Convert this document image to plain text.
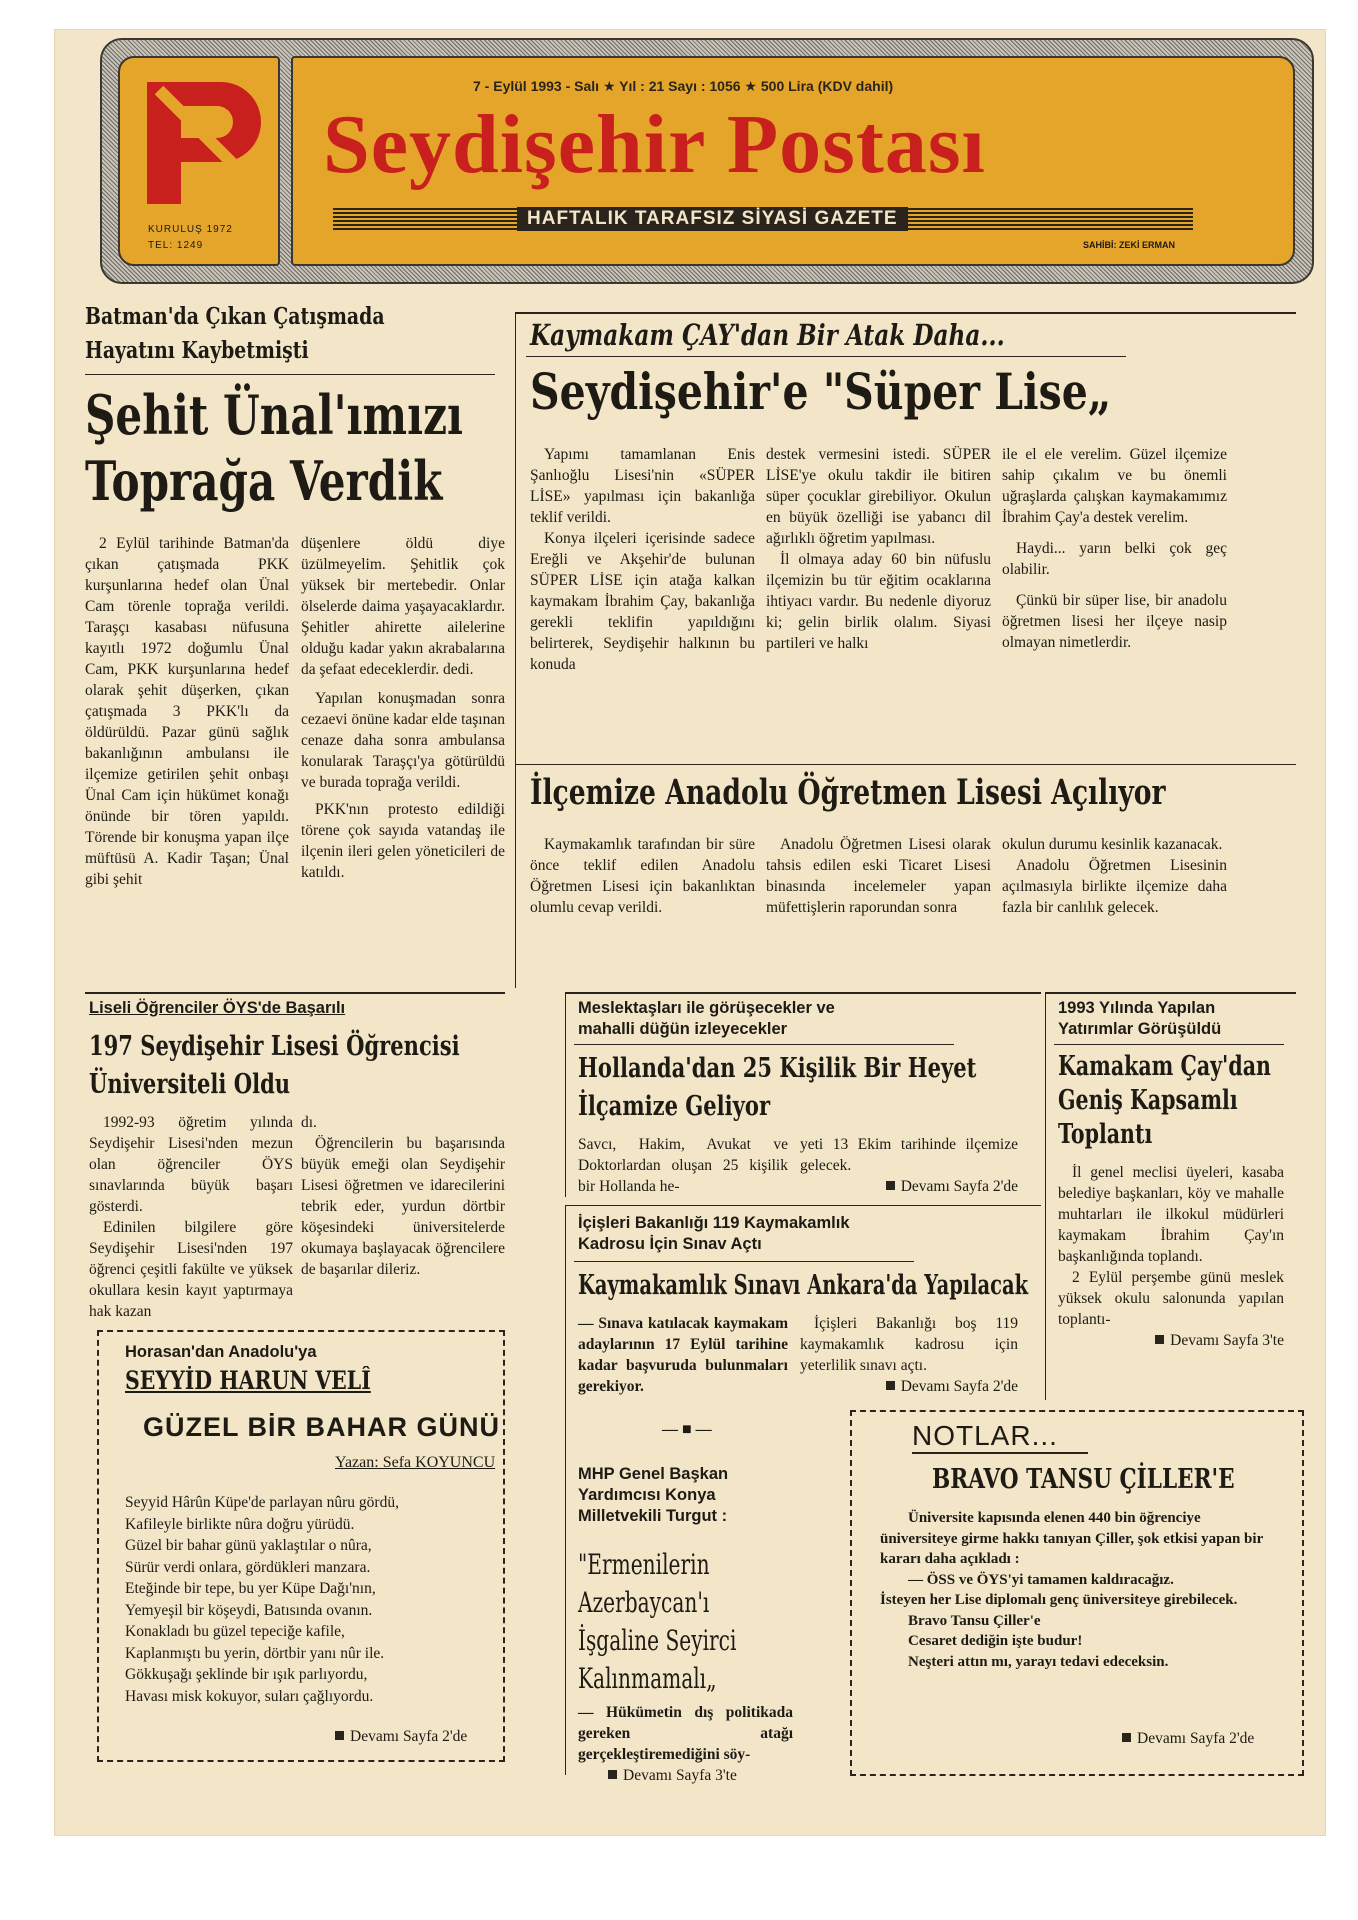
KURULUŞ 1972
TEL: 1249
7 - Eylül 1993 - Salı ★ Yıl : 21 Sayı : 1056 ★ 500 Lira (KDV dahil)
Seydişehir Postası
HAFTALIK TARAFSIZ SİYASİ GAZETE
SAHİBİ: ZEKİ ERMAN
Batman'da Çıkan Çatışmada
Hayatını Kaybetmişti
Şehit Ünal'ımızı
Toprağa Verdik
2 Eylül tarihinde Batman'da çıkan çatışmada PKK kurşunlarına hedef olan Ünal Cam törenle toprağa verildi. Taraşçı kasabası nüfusuna kayıtlı 1972 doğumlu Ünal Cam, PKK kurşunlarına hedef olarak şehit düşerken, çıkan çatışmada 3 PKK'lı da öldürüldü. Pazar günü sağlık bakanlığının ambulansı ile ilçemize getirilen şehit onbaşı Ünal Cam için hükümet konağı önünde bir tören yapıldı. Törende bir konuşma yapan ilçe müftüsü A. Kadir Taşan; Ünal gibi şehit
düşenlere öldü diye üzülmeyelim. Şehitlik çok yüksek bir mertebedir. Onlar ölselerde daima yaşayacaklardır. Şehitler ahirette ailelerine olduğu kadar yakın akrabalarına da şefaat edeceklerdir. dedi.
Yapılan konuşmadan sonra cezaevi önüne kadar elde taşınan cenaze daha sonra ambulansa konularak Taraşçı'ya götürüldü ve burada toprağa verildi.
PKK'nın protesto edildiği törene çok sayıda vatandaş ile ilçenin ileri gelen yöneticileri de katıldı.
Kaymakam ÇAY'dan Bir Atak Daha...
Seydişehir'e "Süper Lise„
Yapımı tamamlanan Enis Şanlıoğlu Lisesi'nin «SÜPER LİSE» yapılması için bakanlığa teklif verildi.
Konya ilçeleri içerisinde sadece Ereğli ve Akşehir'de bulunan SÜPER LİSE için atağa kalkan kaymakam İbrahim Çay, bakanlığa gerekli teklifin yapıldığını belirterek, Seydişehir halkının bu konuda
destek vermesini istedi. SÜPER LİSE'ye okulu takdir ile bitiren süper çocuklar girebiliyor. Okulun en büyük özelliği ise yabancı dil ağırlıklı öğretim yapılması.
İl olmaya aday 60 bin nüfuslu ilçemizin bu tür eğitim ocaklarına ihtiyacı vardır. Bu nedenle diyoruz ki; gelin birlik olalım. Siyasi partileri ve halkı
ile el ele verelim. Güzel ilçemize sahip çıkalım ve bu önemli uğraşlarda çalışkan kaymakamımız İbrahim Çay'a destek verelim.
Haydi... yarın belki çok geç olabilir.
Çünkü bir süper lise, bir anadolu öğretmen lisesi her ilçeye nasip olmayan nimetlerdir.
İlçemize Anadolu Öğretmen Lisesi Açılıyor
Kaymakamlık tarafından bir süre önce teklif edilen Anadolu Öğretmen Lisesi için bakanlıktan olumlu cevap verildi.
Anadolu Öğretmen Lisesi olarak tahsis edilen eski Ticaret Lisesi binasında incelemeler yapan müfettişlerin raporundan sonra
okulun durumu kesinlik kazanacak.
Anadolu Öğretmen Lisesinin açılmasıyla birlikte ilçemize daha fazla bir canlılık gelecek.
Liseli Öğrenciler ÖYS'de Başarılı
197 Seydişehir Lisesi Öğrencisi
Üniversiteli Oldu
1992-93 öğretim yılında Seydişehir Lisesi'nden mezun olan öğrenciler ÖYS sınavlarında büyük başarı gösterdi.
Edinilen bilgilere göre Seydişehir Lisesi'nden 197 öğrenci çeşitli fakülte ve yüksek okullara kesin kayıt yaptırmaya hak kazan
dı.
Öğrencilerin bu başarısında büyük emeği olan Seydişehir Lisesi öğretmen ve idarecilerini tebrik eder, yurdun dörtbir köşesindeki üniversitelerde okumaya başlayacak öğrencilere de başarılar dileriz.
Horasan'dan Anadolu'ya
SEYYİD HARUN VELÎ
GÜZEL BİR BAHAR GÜNÜ
Yazan: Sefa KOYUNCU
Seyyid Hârûn Küpe'de parlayan nûru gördü,
Kafileyle birlikte nûra doğru yürüdü.
Güzel bir bahar günü yaklaştılar o nûra,
Sürür verdi onlara, gördükleri manzara.
Eteğinde bir tepe, bu yer Küpe Dağı'nın,
Yemyeşil bir köşeydi, Batısında ovanın.
Konakladı bu güzel tepeciğe kafile,
Kaplanmıştı bu yerin, dörtbir yanı nûr ile.
Gökkuşağı şeklinde bir ışık parlıyordu,
Havası misk kokuyor, suları çağlıyordu.
Devamı Sayfa 2'de
Meslektaşları ile görüşecekler ve
mahalli düğün izleyecekler
Hollanda'dan 25 Kişilik Bir Heyet
İlçamize Geliyor
Savcı, Hakim, Avukat ve Doktorlardan oluşan 25 kişilik bir Hollanda he-
yeti 13 Ekim tarihinde ilçemize gelecek.
Devamı Sayfa 2'de
1993 Yılında Yapılan
Yatırımlar Görüşüldü
Kamakam Çay'dan
Geniş Kapsamlı
Toplantı
İl genel meclisi üyeleri, kasaba belediye başkanları, köy ve mahalle muhtarları ile ilkokul müdürleri kaymakam İbrahim Çay'ın başkanlığında toplandı.
2 Eylül perşembe günü meslek yüksek okulu salonunda yapılan toplantı-
Devamı Sayfa 3'te
İçişleri Bakanlığı 119 Kaymakamlık
Kadrosu İçin Sınav Açtı
Kaymakamlık Sınavı Ankara'da Yapılacak
— Sınava katılacak kaymakam adaylarının 17 Eylül tarihine kadar başvuruda bulunmaları gerekiyor.
İçişleri Bakanlığı boş 119 kaymakamlık kadrosu için yeterlilik sınavı açtı.
Devamı Sayfa 2'de
— ■ —
MHP Genel Başkan
Yardımcısı Konya
Milletvekili Turgut :
"Ermenilerin
Azerbaycan'ı
İşgaline Seyirci
Kalınmamalı„
— Hükümetin dış politikada gereken atağı gerçekleştiremediğini söy-
Devamı Sayfa 3'te
NOTLAR...
BRAVO TANSU ÇİLLER'E
Üniversite kapısında elenen 440 bin öğrenciye üniversiteye girme hakkı tanıyan Çiller, şok etkisi yapan bir kararı daha açıkladı :
— ÖSS ve ÖYS'yi tamamen kaldıracağız.
İsteyen her Lise diplomalı genç üniversiteye girebilecek.
Bravo Tansu Çiller'e
Cesaret dediğin işte budur!
Neşteri attın mı, yarayı tedavi edeceksin.
Devamı Sayfa 2'de
